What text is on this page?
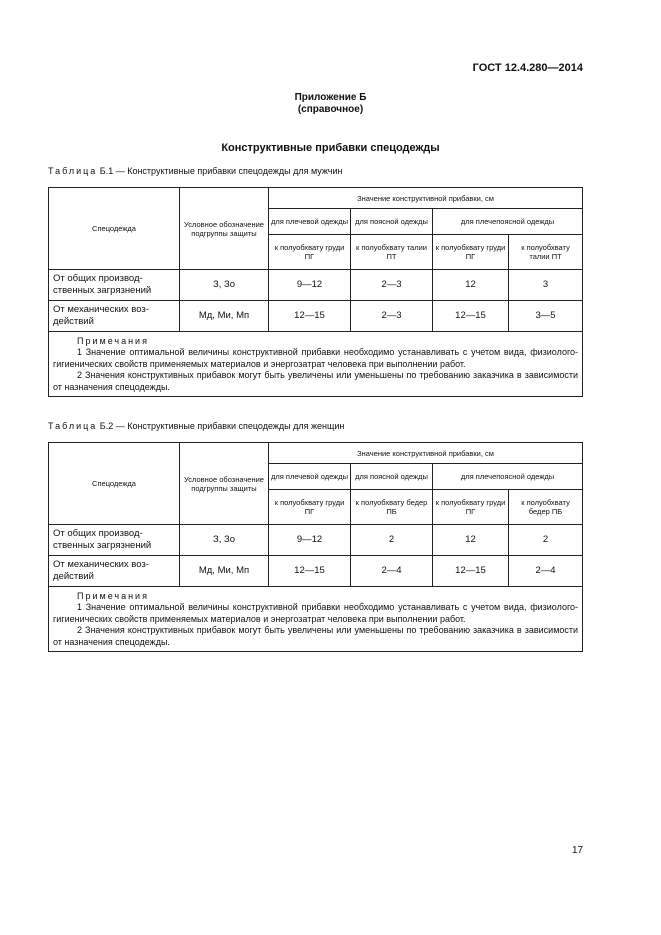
ГОСТ 12.4.280—2014
Приложение Б
(справочное)
Конструктивные прибавки спецодежды
Таблица Б.1 — Конструктивные прибавки спецодежды для мужчин
Спецодежда	Условное обозначение подгруппы защиты	Значение конструктивной прибавки, см			
		для плечевой одежды	для поясной одежды	для плечепоясной одежды	
		к полуобхвату груди ПГ	к полуобхвату талии ПТ	к полуобхвату груди ПГ	к полуобхвату талии ПТ
От общих производ-ственных загрязнений	З, Зо	9—12	2—3	12	3
От механических воз-действий	Мд, Ми, Мп	12—15	2—3	12—15	3—5

Примечания
1 Значение оптимальной величины конструктивной прибавки необходимо устанавливать с учетом вида, физиолого-гигиенических свойств применяемых материалов и энергозатрат человека при выполнении работ.
2 Значения конструктивных прибавок могут быть увеличены или уменьшены по требованию заказчика в зависимости от назначения спецодежды.					
Таблица Б.2 — Конструктивные прибавки спецодежды для женщин
Спецодежда	Условное обозначение подгруппы защиты	Значение конструктивной прибавки, см			
		для плечевой одежды	для поясной одежды	для плечепоясной одежды	
		к полуобхвату груди ПГ	к полуобхвату бедер ПБ	к полуобхвату груди ПГ	к полуобхвату бедер ПБ
От общих производ-ственных загрязнений	З, Зо	9—12	2	12	2
От механических воз-действий	Мд, Ми, Мп	12—15	2—4	12—15	2—4

Примечания
1 Значение оптимальной величины конструктивной прибавки необходимо устанавливать с учетом вида, физиолого-гигиенических свойств применяемых материалов и энергозатрат человека при выполнении работ.
2 Значения конструктивных прибавок могут быть увеличены или уменьшены по требованию заказчика в зависимости от назначения спецодежды.					
17
